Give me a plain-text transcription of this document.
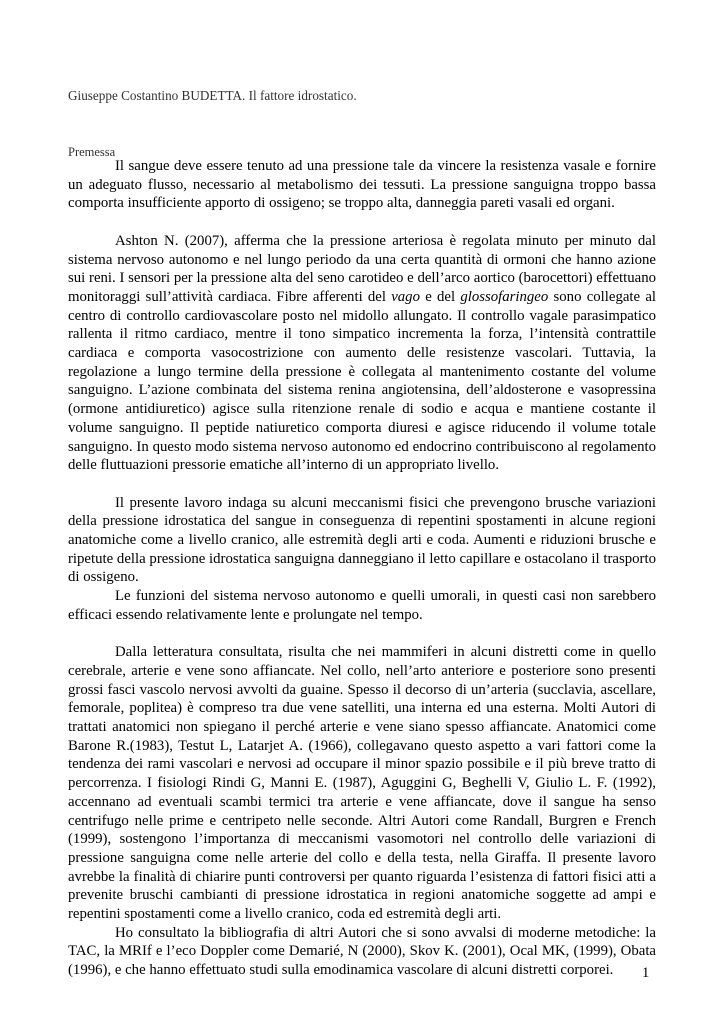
Giuseppe Costantino BUDETTA. Il fattore idrostatico.
Premessa

Il sangue deve essere tenuto ad una pressione tale da vincere la resistenza vasale e fornire un adeguato flusso, necessario al metabolismo dei tessuti. La pressione sanguigna troppo bassa comporta insufficiente apporto di ossigeno; se troppo alta, danneggia pareti vasali ed organi.

Ashton N. (2007), afferma che la pressione arteriosa è regolata minuto per minuto dal sistema nervoso autonomo e nel lungo periodo da una certa quantità di ormoni che hanno azione sui reni. I sensori per la pressione alta del seno carotideo e dell’arco aortico (barocettori) effettuano monitoraggi sull’attività cardiaca. Fibre afferenti del vago e del glossofaringeo sono collegate al centro di controllo cardiovascolare posto nel midollo allungato. Il controllo vagale parasimpatico rallenta il ritmo cardiaco, mentre il tono simpatico incrementa la forza, l’intensità contrattile cardiaca e comporta vasocostrizione con aumento delle resistenze vascolari. Tuttavia, la regolazione a lungo termine della pressione è collegata al mantenimento costante del volume sanguigno. L’azione combinata del sistema renina angiotensina, dell’aldosterone e vasopressina (ormone antidiuretico) agisce sulla ritenzione renale di sodio e acqua e mantiene costante il volume sanguigno. Il peptide natiuretico comporta diuresi e agisce riducendo il volume totale sanguigno. In questo modo sistema nervoso autonomo ed endocrino contribuiscono al regolamento delle fluttuazioni pressorie ematiche all’interno di un appropriato livello.

Il presente lavoro indaga su alcuni meccanismi fisici che prevengono brusche variazioni della pressione idrostatica del sangue in conseguenza di repentini spostamenti in alcune regioni anatomiche come a livello cranico, alle estremità degli arti e coda. Aumenti e riduzioni brusche e ripetute della pressione idrostatica sanguigna danneggiano il letto capillare e ostacolano il trasporto di ossigeno.

Le funzioni del sistema nervoso autonomo e quelli umorali, in questi casi non sarebbero efficaci essendo relativamente lente e prolungate nel tempo.

Dalla letteratura consultata, risulta che nei mammiferi in alcuni distretti come in quello cerebrale, arterie e vene sono affiancate. Nel collo, nell’arto anteriore e posteriore sono presenti grossi fasci vascolo nervosi avvolti da guaine. Spesso il decorso di un’arteria (succlavia, ascellare, femorale, poplitea) è compreso tra due vene satelliti, una interna ed una esterna. Molti Autori di trattati anatomici non spiegano il perché arterie e vene siano spesso affiancate. Anatomici come Barone R.(1983), Testut L, Latarjet A. (1966), collegavano questo aspetto a vari fattori come la tendenza dei rami vascolari e nervosi ad occupare il minor spazio possibile e il più breve tratto di percorrenza. I fisiologi Rindi G, Manni E. (1987), Aguggini G, Beghelli V, Giulio L. F. (1992), accennano ad eventuali scambi termici tra arterie e vene affiancate, dove il sangue ha senso centrifugo nelle prime e centripeto nelle seconde. Altri Autori come Randall, Burgren e French (1999), sostengono l’importanza di meccanismi vasomotori nel controllo delle variazioni di pressione sanguigna come nelle arterie del collo e della testa, nella Giraffa. Il presente lavoro avrebbe la finalità di chiarire punti controversi per quanto riguarda l’esistenza di fattori fisici atti a prevenite bruschi cambianti di pressione idrostatica in regioni anatomiche soggette ad ampi e repentini spostamenti come a livello cranico, coda ed estremità degli arti.

Ho consultato la bibliografia di altri Autori che si sono avvalsi di moderne metodiche: la TAC, la MRIf e l’eco Doppler come Demarié, N (2000), Skov K. (2001), Ocal MK, (1999), Obata (1996), e che hanno effettuato studi sulla emodinamica vascolare di alcuni distretti corporei.	1
